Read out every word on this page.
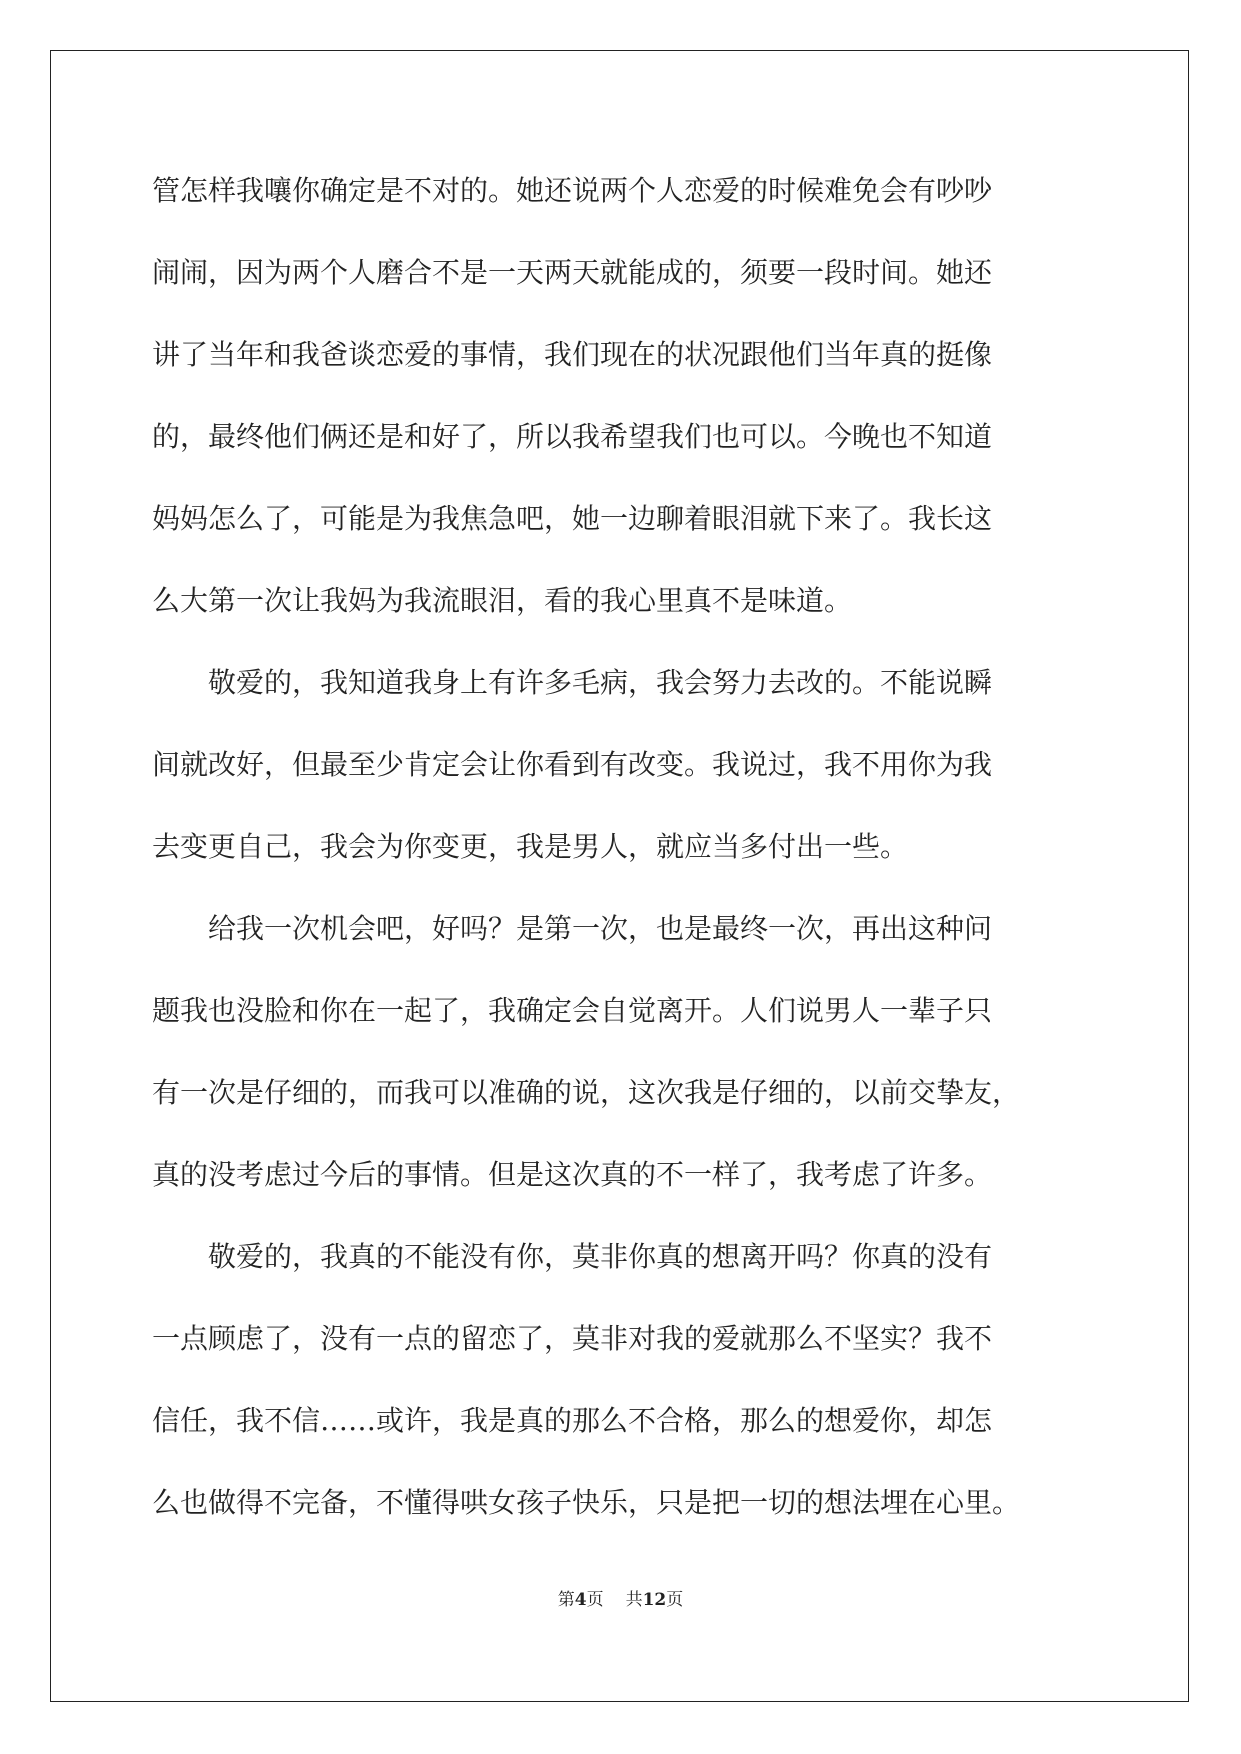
管怎样我嚷你确定是不对的。她还说两个人恋爱的时候难免会有吵吵
闹闹，因为两个人磨合不是一天两天就能成的，须要一段时间。她还
讲了当年和我爸谈恋爱的事情，我们现在的状况跟他们当年真的挺像
的，最终他们俩还是和好了，所以我希望我们也可以。今晚也不知道
妈妈怎么了，可能是为我焦急吧，她一边聊着眼泪就下来了。我长这
么大第一次让我妈为我流眼泪，看的我心里真不是味道。
　　敬爱的，我知道我身上有许多毛病，我会努力去改的。不能说瞬
间就改好，但最至少肯定会让你看到有改变。我说过，我不用你为我
去变更自己，我会为你变更，我是男人，就应当多付出一些。
　　给我一次机会吧，好吗？是第一次，也是最终一次，再出这种问
题我也没脸和你在一起了，我确定会自觉离开。人们说男人一辈子只
有一次是仔细的，而我可以准确的说，这次我是仔细的，以前交挚友，
真的没考虑过今后的事情。但是这次真的不一样了，我考虑了许多。
　　敬爱的，我真的不能没有你，莫非你真的想离开吗？你真的没有
一点顾虑了，没有一点的留恋了，莫非对我的爱就那么不坚实？我不
信任，我不信……或许，我是真的那么不合格，那么的想爱你，却怎
么也做得不完备，不懂得哄女孩子快乐，只是把一切的想法埋在心里。
第4页 共12页
